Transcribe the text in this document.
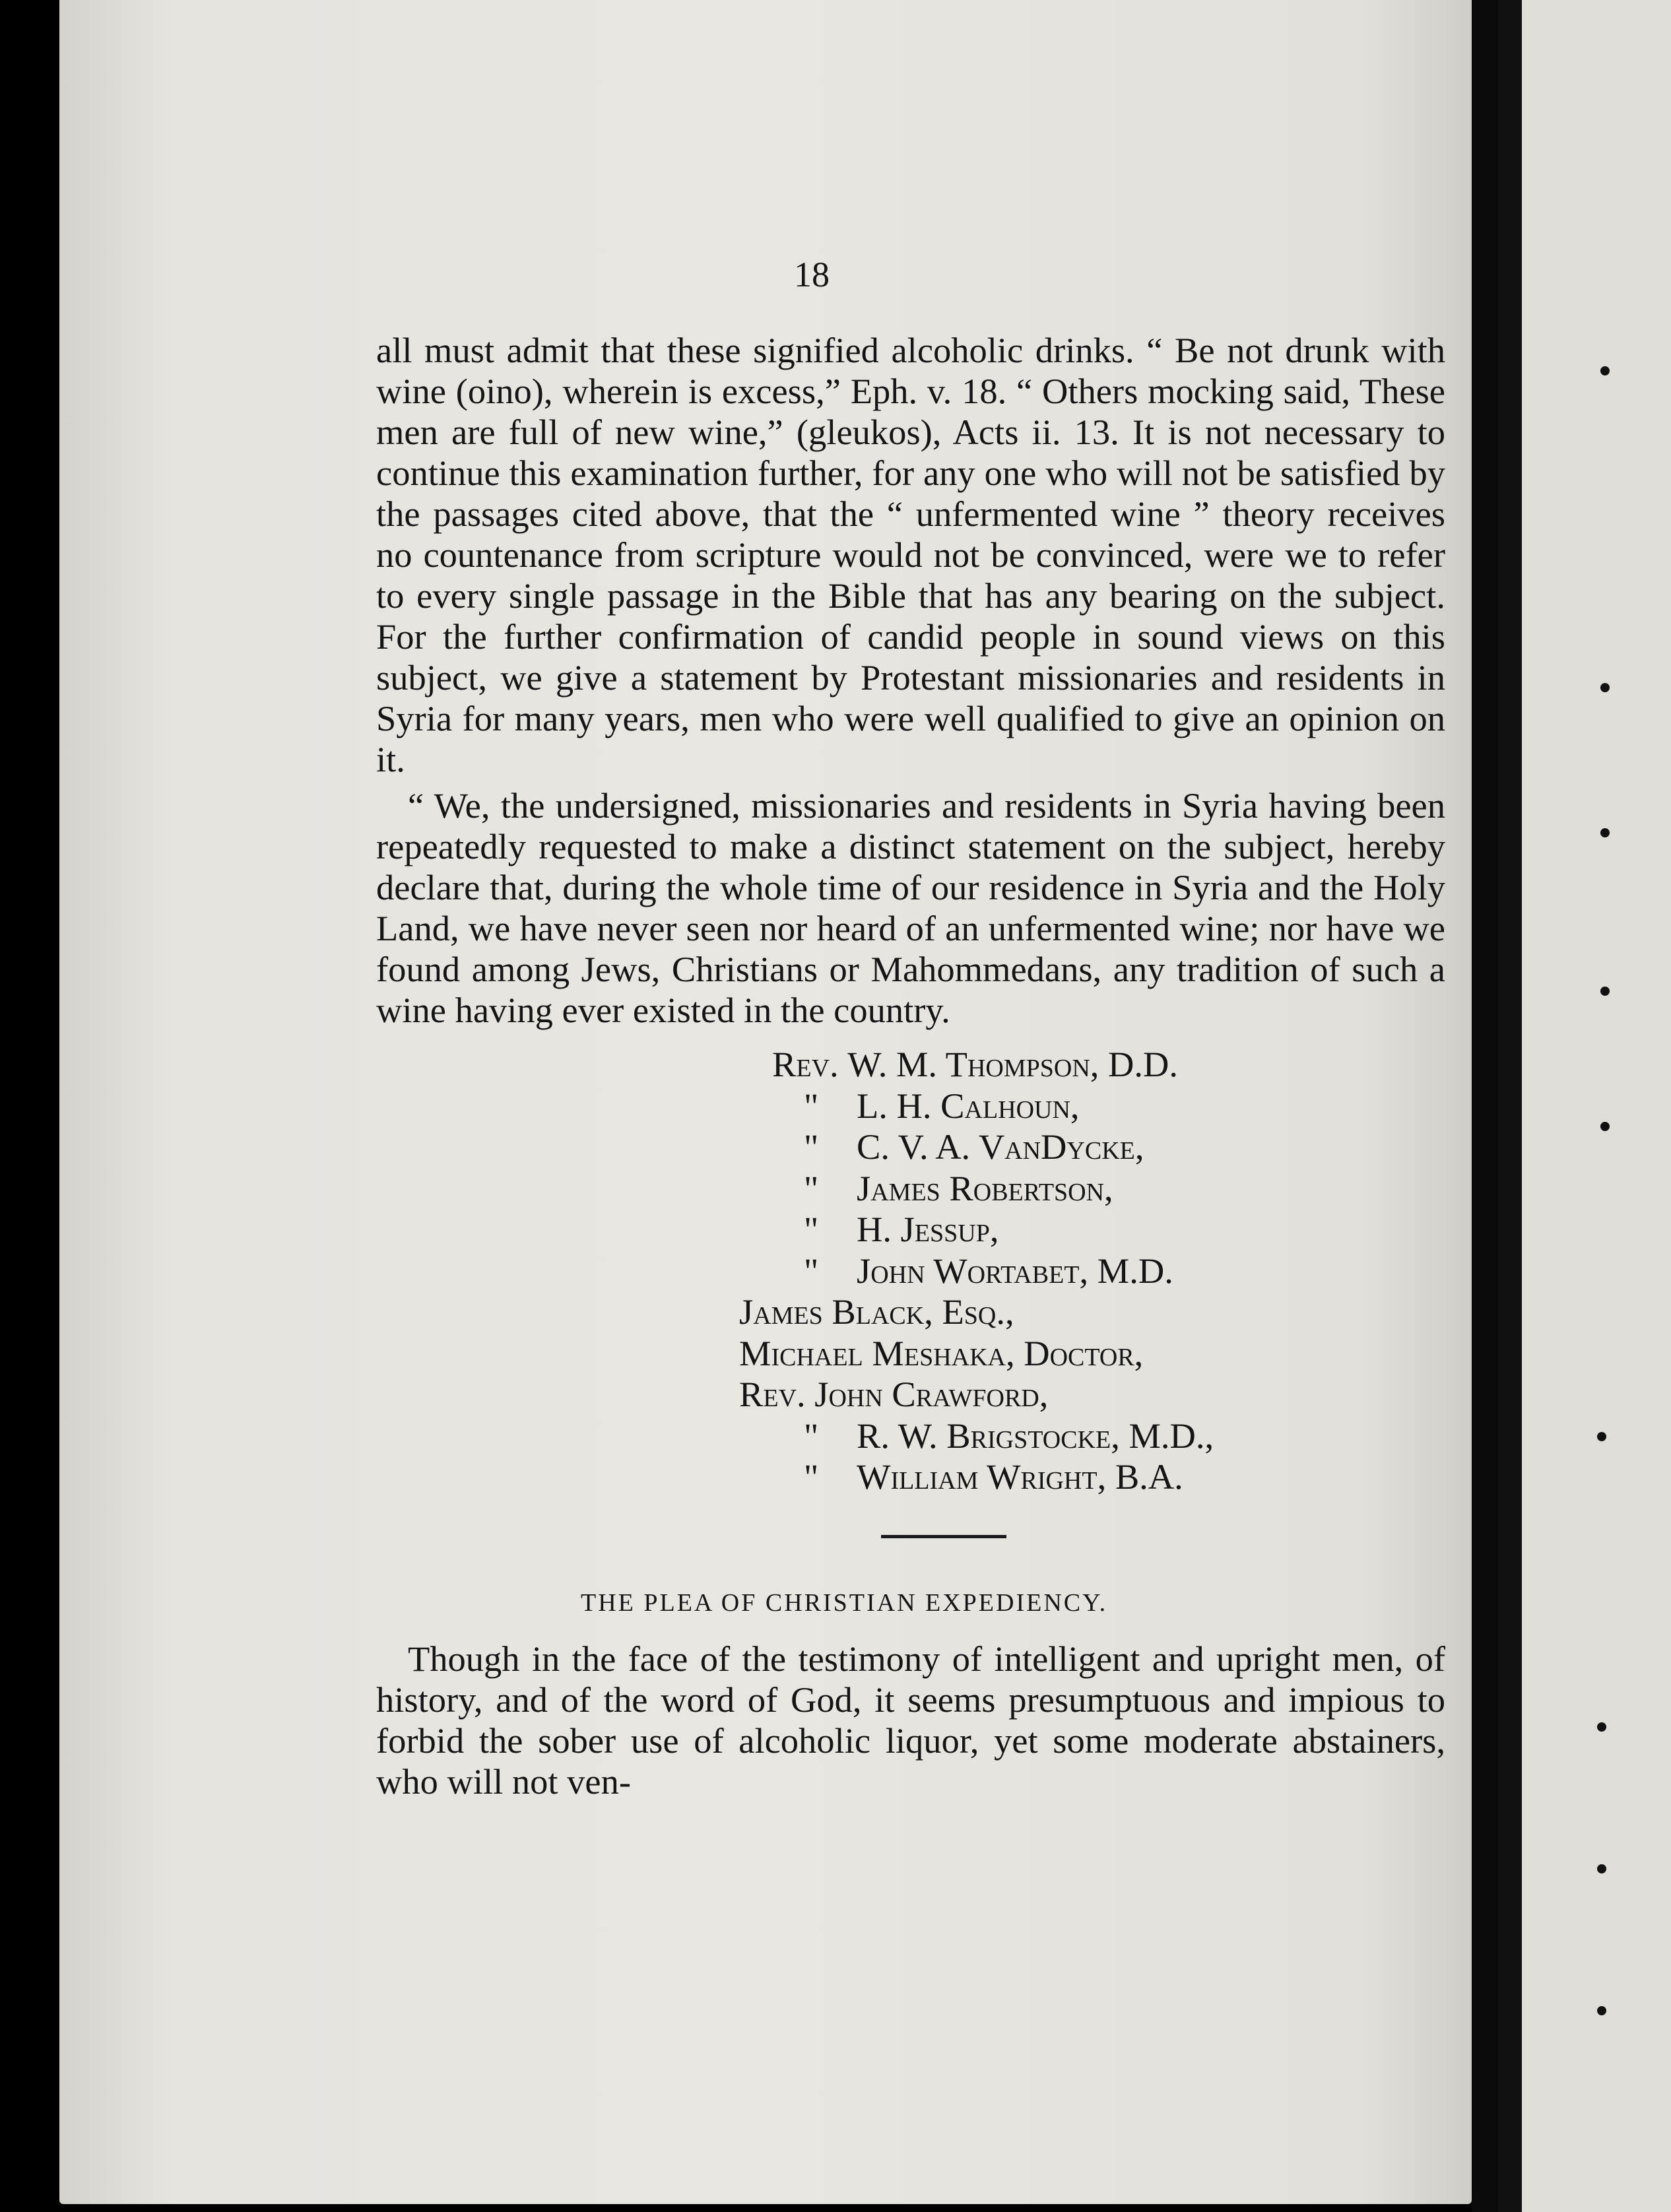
18

all must admit that these signified alcoholic drinks. “ Be not drunk with wine (oino), wherein is excess,” Eph. v. 18. “ Others mocking said, These men are full of new wine,” (gleukos), Acts ii. 13. It is not necessary to continue this examination further, for any one who will not be satisfied by the passages cited above, that the “ unfermented wine ” theory receives no countenance from scripture would not be convinced, were we to refer to every single passage in the Bible that has any bearing on the subject. For the further confirmation of candid people in sound views on this subject, we give a statement by Protestant missionaries and residents in Syria for many years, men who were well qualified to give an opinion on it.

“ We, the undersigned, missionaries and residents in Syria having been repeatedly requested to make a distinct statement on the subject, hereby declare that, during the whole time of our residence in Syria and the Holy Land, we have never seen nor heard of an unfermented wine; nor have we found among Jews, Christians or Mahommedans, any tradition of such a wine having ever existed in the country.

Rev. W. M. Thompson, D.D.
" L. H. Calhoun,
" C. V. A. VanDycke,
" James Robertson,
" H. Jessup,
" John Wortabet, M.D.
James Black, Esq.,
Michael Meshaka, Doctor,
Rev. John Crawford,
" R. W. Brigstocke, M.D.,
" William Wright, B.A.
THE PLEA OF CHRISTIAN EXPEDIENCY.

Though in the face of the testimony of intelligent and upright men, of history, and of the word of God, it seems presumptuous and impious to forbid the sober use of alcoholic liquor, yet some moderate abstainers, who will not ven-
